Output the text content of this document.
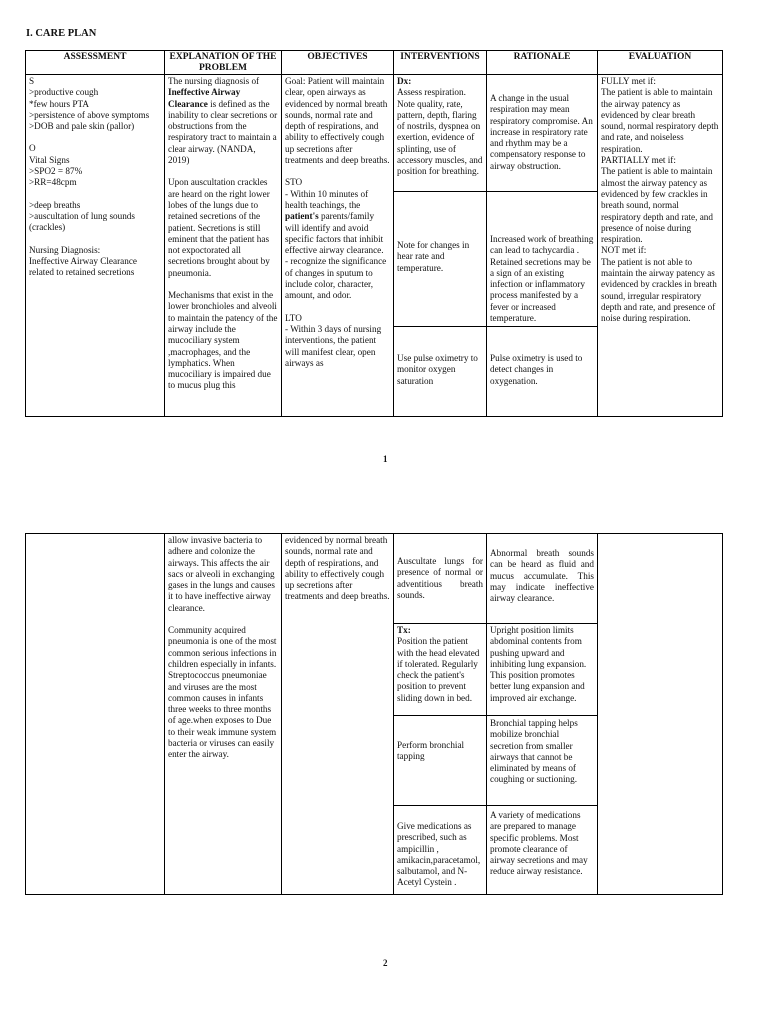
I. CARE PLAN
ASSESSMENT

S

>productive cough

*few hours PTA

>persistence of above symptoms

>DOB and pale skin (pallor)

O

Vital Signs

>SPO2 = 87%

>RR=48cpm

>deep breaths

>auscultation of lung sounds (crackles)

Nursing Diagnosis:

Ineffective Airway Clearance related to retained secretions

EXPLANATION OF THE PROBLEM

The nursing diagnosis of Ineffective Airway Clearance is defined as the inability to clear secretions or obstructions from the respiratory tract to maintain a clear airway. (NANDA, 2019)

Upon auscultation crackles are heard on the right lower lobes of the lungs due to retained secretions of the patient. Secretions is still eminent that the patient has not expoctorated all secretions brought about by pneumonia.

Mechanisms that exist in the lower bronchioles and alveoli to maintain the patency of the airway include the mucociliary system ,macrophages, and the lymphatics. When mucociliary is impaired due to mucus plug this

OBJECTIVES

Goal: Patient will maintain clear, open airways as evidenced by normal breath sounds, normal rate and depth of respirations, and ability to effectively cough up secretions after treatments and deep breaths.

STO

- Within 10 minutes of health teachings, the patient's parents/family will identify and avoid specific factors that inhibit effective airway clearance.

- recognize the significance of changes in sputum to include color, character, amount, and odor.

LTO

- Within 3 days of nursing interventions, the patient will manifest clear, open airways as

INTERVENTIONS

Dx:

Assess respiration. Note quality, rate, pattern, depth, flaring of nostrils, dyspnea on exertion, evidence of splinting, use of accessory muscles, and position for breathing.

Note for changes in hear rate and temperature.

Use pulse oximetry to monitor oxygen saturation

RATIONALE

A change in the usual respiration may mean respiratory compromise. An increase in respiratory rate and rhythm may be a compensatory response to airway obstruction.

Increased work of breathing can lead to tachycardia . Retained secretions may be a sign of an existing infection or inflammatory process manifested by a fever or increased temperature.

Pulse oximetry is used to detect changes in oxygenation.

EVALUATION

FULLY met if:

The patient is able to maintain the airway patency as evidenced by clear breath sound, normal respiratory depth and rate, and noiseless respiration.

PARTIALLY met if:

The patient is able to maintain almost the airway patency as evidenced by few crackles in breath sound, normal respiratory depth and rate, and presence of noise during respiration.

NOT met if:

The patient is not able to maintain the airway patency as evidenced by crackles in breath sound, irregular respiratory depth and rate, and presence of noise during respiration.

1

allow invasive bacteria to adhere and colonize the airways. This affects the air sacs or alveoli in exchanging gases in the lungs and causes it to have ineffective airway clearance.

Community acquired pneumonia is one of the most common serious infections in children especially in infants. Streptococcus pneumoniae and viruses are the most common causes in infants three weeks to three months of age.when exposes to Due to their weak immune system bacteria or viruses can easily enter the airway.

evidenced by normal breath sounds, normal rate and depth of respirations, and ability to effectively cough up secretions after treatments and deep breaths.

Auscultate lungs for presence of normal or adventitious breath sounds.

Tx:

Position the patient with the head elevated if tolerated. Regularly check the patient's position to prevent sliding down in bed.

Perform bronchial tapping

Give medications as prescribed, such as ampicillin , amikacin,paracetamol, salbutamol, and N-Acetyl Cystein .

Abnormal breath sounds can be heard as fluid and mucus accumulate. This may indicate ineffective airway clearance.

Upright position limits abdominal contents from pushing upward and inhibiting lung expansion. This position promotes better lung expansion and improved air exchange.

Bronchial tapping helps mobilize bronchial secretion from smaller airways that cannot be eliminated by means of coughing or suctioning.

A variety of medications are prepared to manage specific problems. Most promote clearance of airway secretions and may reduce airway resistance.

2
